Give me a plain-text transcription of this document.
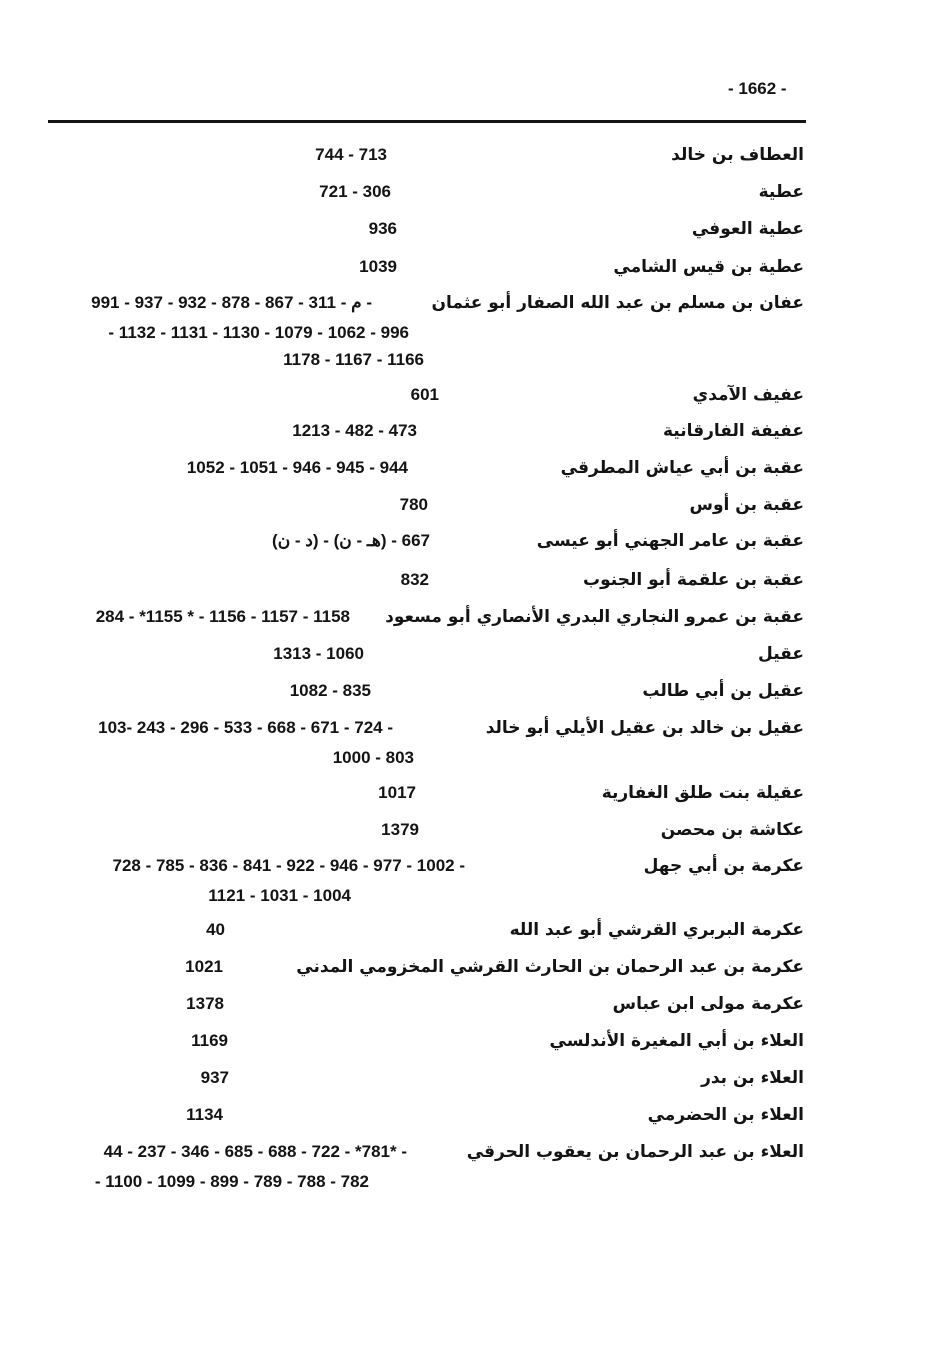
- 1662 -
العطاف بن خالد
744 - 713
عطية
721 - 306
عطية العوفي
936
عطية بن قيس الشامي
1039
عفان بن مسلم بن عبد الله الصفار أبو عثمان
م - 311 - 867 - 878 - 932 - 937 - 991 -
- 1132 - 1131 - 1130 - 1079 - 1062 - 996
1178 - 1167 - 1166
عفيف الآمدي
601
عفيفة الفارقانية
1213 - 482 - 473
عقبة بن أبي عياش المطرقي
1052 - 1051 - 946 - 945 - 944
عقبة بن أوس
780
عقبة بن عامر الجهني أبو عيسى
(د - ن) - (هـ - ن) - 667
عقبة بن علقمة أبو الجنوب
832
عقبة بن عمرو النجاري البدري الأنصاري أبو مسعود
284 - *1155 * - 1156 - 1157 - 1158
عقيل
1313 - 1060
عقيل بن أبي طالب
1082 - 835
عقيل بن خالد بن عقيل الأيلي أبو خالد
103- 243 - 296 - 533 - 668 - 671 - 724 -
1000 - 803
عقيلة بنت طلق الغفارية
1017
عكاشة بن محصن
1379
عكرمة بن أبي جهل
728 - 785 - 836 - 841 - 922 - 946 - 977 - 1002 -
1121 - 1031 - 1004
عكرمة البربري القرشي أبو عبد الله
40
عكرمة بن عبد الرحمان بن الحارث القرشي المخزومي المدني
1021
عكرمة مولى ابن عباس
1378
العلاء بن أبي المغيرة الأندلسي
1169
العلاء بن بدر
937
العلاء بن الحضرمي
1134
العلاء بن عبد الرحمان بن يعقوب الحرقي
44 - 237 - 346 - 685 - 688 - 722 - *781* -
- 1100 - 1099 - 899 - 789 - 788 - 782
